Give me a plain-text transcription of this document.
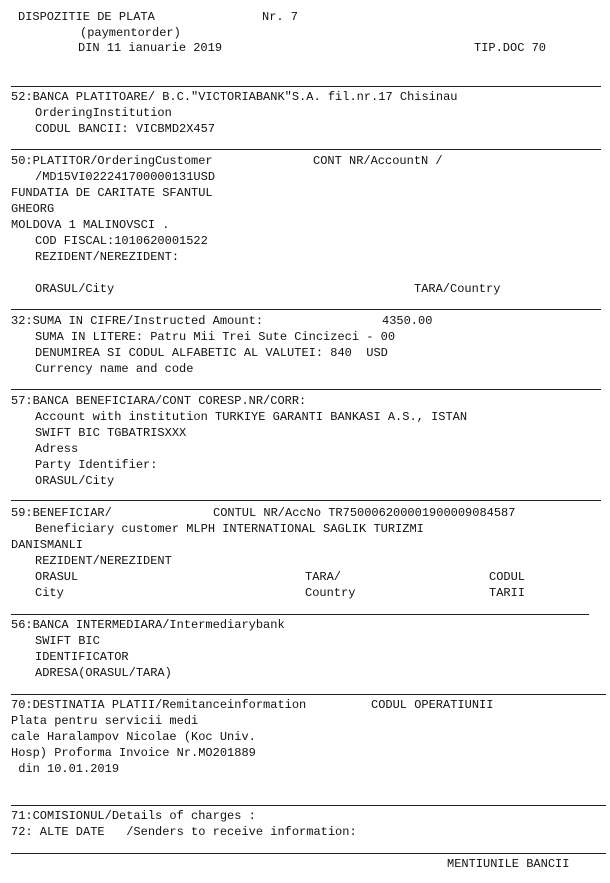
DISPOZITIE DE PLATA	Nr. 7
(paymentorder)
DIN 11 ianuarie 2019	TIP.DOC 70
52:BANCA PLATITOARE/ B.C."VICTORIABANK"S.A. fil.nr.17 Chisinau
OrderingInstitution
CODUL BANCII: VICBMD2X457
50:PLATITOR/OrderingCustomer	CONT NR/AccountN /
/MD15VI022241700000131USD
FUNDATIA DE CARITATE SFANTUL
GHEORG
MOLDOVA 1 MALINOVSCI .
COD FISCAL:1010620001522
REZIDENT/NEREZIDENT:
ORASUL/City	TARA/Country
32:SUMA IN CIFRE/Instructed Amount:	4350.00
SUMA IN LITERE: Patru Mii Trei Sute Cincizeci - 00
DENUMIREA SI CODUL ALFABETIC AL VALUTEI: 840  USD
Currency name and code
57:BANCA BENEFICIARA/CONT CORESP.NR/CORR:
Account with institution TURKIYE GARANTI BANKASI A.S., ISTAN
SWIFT BIC TGBATRISXXX
Adress
Party Identifier:
ORASUL/City
59:BENEFICIAR/	CONTUL NR/AccNo TR750006200001900009084587
Beneficiary customer MLPH INTERNATIONAL SAGLIK TURIZMI
DANISMANLI
REZIDENT/NEREZIDENT
ORASUL	TARA/	CODUL
City	Country	TARII
56:BANCA INTERMEDIARA/Intermediarybank
SWIFT BIC
IDENTIFICATOR
ADRESA(ORASUL/TARA)
70:DESTINATIA PLATII/Remitanceinformation	CODUL OPERATIUNII
Plata pentru servicii medi
cale Haralampov Nicolae (Koc Univ.
Hosp) Proforma Invoice Nr.MO201889
din 10.01.2019
71:COMISIONUL/Details of charges :
72: ALTE DATE   /Senders to receive information:
MENTIUNILE BANCII
